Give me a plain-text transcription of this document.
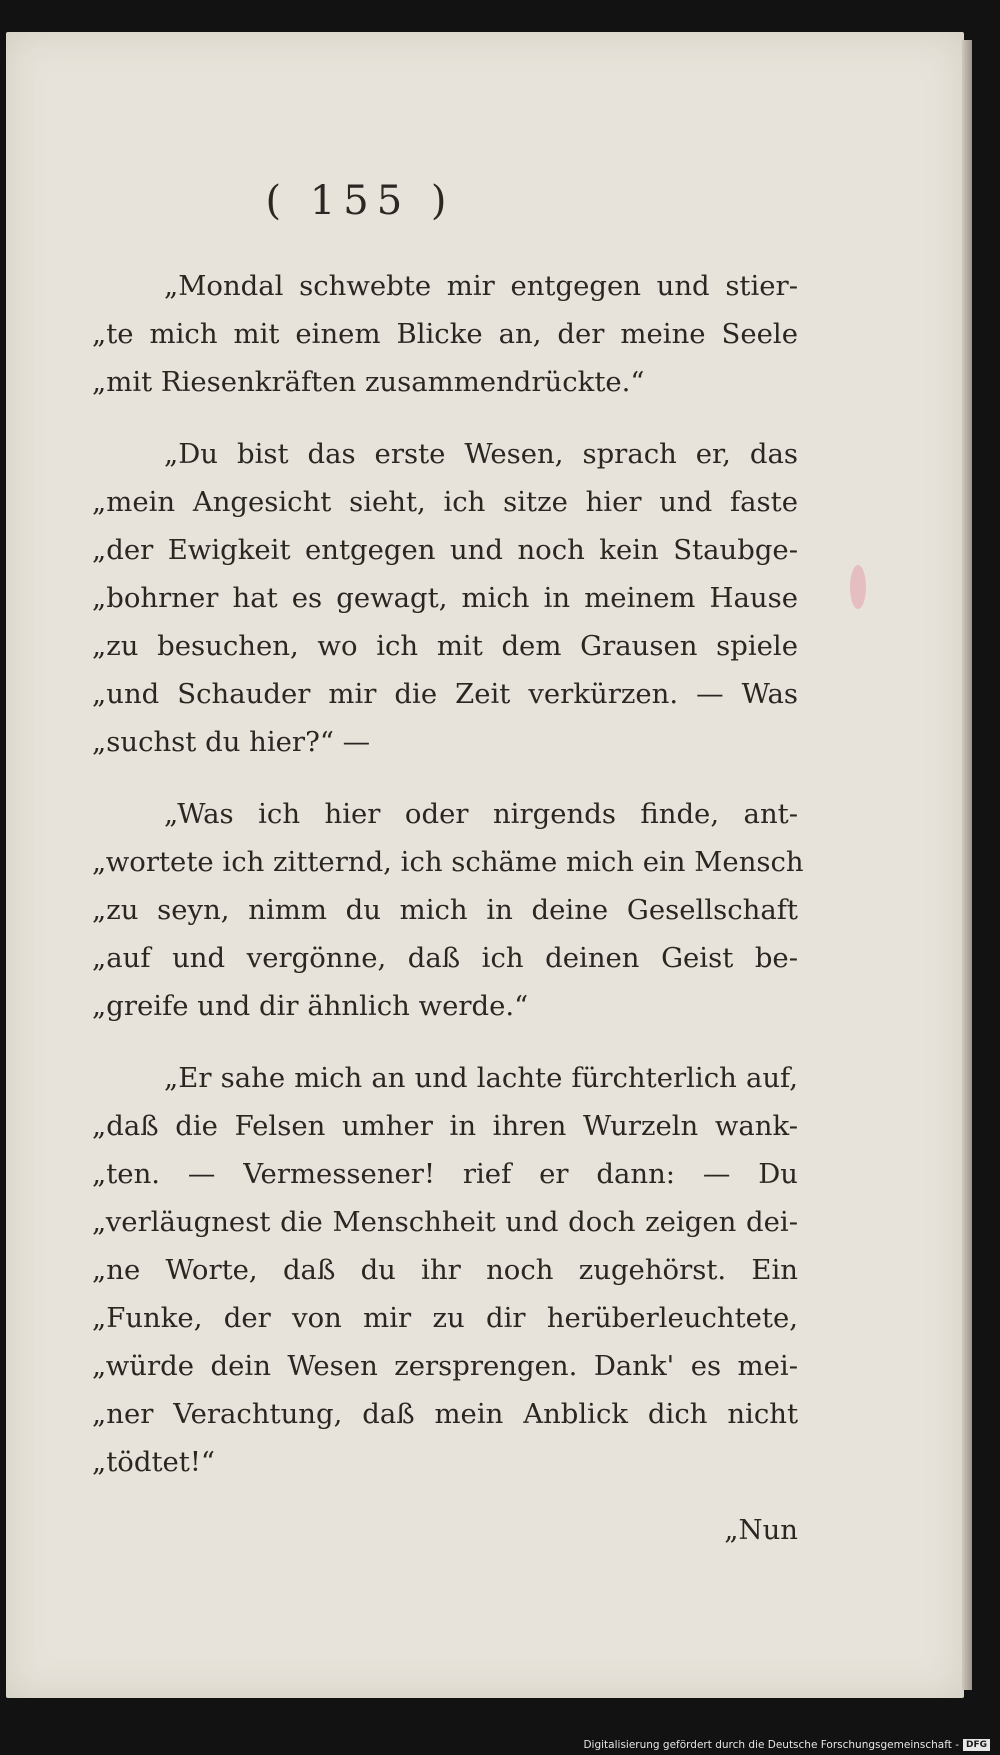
( 155 )
„Mondal schwebte mir entgegen und stier-
„te mich mit einem Blicke an, der meine Seele
„mit Riesenkräften zusammendrückte.“
„Du bist das erste Wesen, sprach er, das
„mein Angesicht sieht, ich sitze hier und faste
„der Ewigkeit entgegen und noch kein Staubge-
„bohrner hat es gewagt, mich in meinem Hause
„zu besuchen, wo ich mit dem Grausen spiele
„und Schauder mir die Zeit verkürzen. — Was
„suchst du hier?“ —
„Was ich hier oder nirgends finde, ant-
„wortete ich zitternd, ich schäme mich ein Mensch
„zu seyn, nimm du mich in deine Gesellschaft
„auf und vergönne, daß ich deinen Geist be-
„greife und dir ähnlich werde.“
„Er sahe mich an und lachte fürchterlich auf,
„daß die Felsen umher in ihren Wurzeln wank-
„ten. — Vermessener! rief er dann: — Du
„verläugnest die Menschheit und doch zeigen dei-
„ne Worte, daß du ihr noch zugehörst. Ein
„Funke, der von mir zu dir herüberleuchtete,
„würde dein Wesen zersprengen. Dank' es mei-
„ner Verachtung, daß mein Anblick dich nicht
„tödtet!“
„Nun
Digitalisierung gefördert durch die Deutsche Forschungsgemeinschaft - DFG
